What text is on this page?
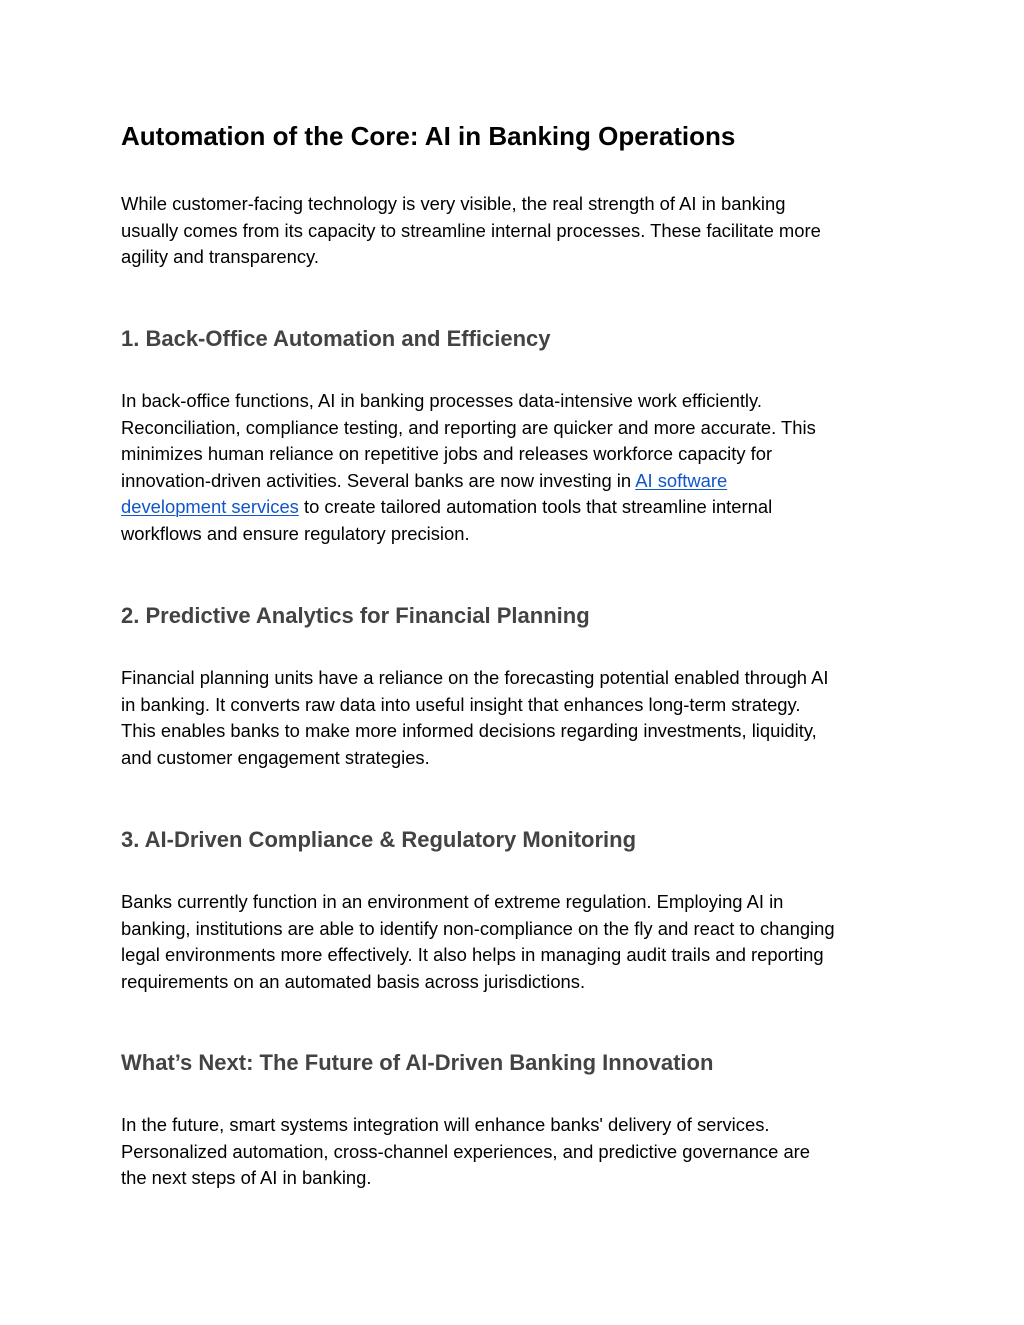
Automation of the Core: AI in Banking Operations

While customer-facing technology is very visible, the real strength of AI in banking
usually comes from its capacity to streamline internal processes. These facilitate more
agility and transparency.

1. Back-Office Automation and Efficiency

In back-office functions, AI in banking processes data-intensive work efficiently.
Reconciliation, compliance testing, and reporting are quicker and more accurate. This
minimizes human reliance on repetitive jobs and releases workforce capacity for
innovation-driven activities. Several banks are now investing in AI software
development services to create tailored automation tools that streamline internal
workflows and ensure regulatory precision.

2. Predictive Analytics for Financial Planning

Financial planning units have a reliance on the forecasting potential enabled through AI
in banking. It converts raw data into useful insight that enhances long-term strategy.
This enables banks to make more informed decisions regarding investments, liquidity,
and customer engagement strategies.

3. AI-Driven Compliance & Regulatory Monitoring

Banks currently function in an environment of extreme regulation. Employing AI in
banking, institutions are able to identify non-compliance on the fly and react to changing
legal environments more effectively. It also helps in managing audit trails and reporting
requirements on an automated basis across jurisdictions.

What’s Next: The Future of AI-Driven Banking Innovation

In the future, smart systems integration will enhance banks' delivery of services.
Personalized automation, cross-channel experiences, and predictive governance are
the next steps of AI in banking.
